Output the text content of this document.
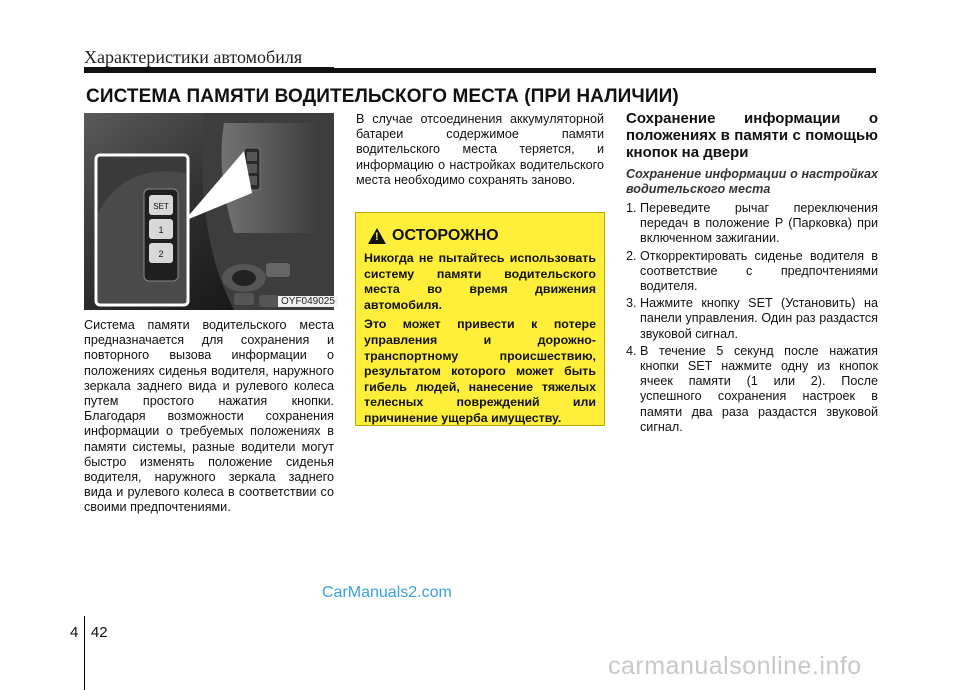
Характеристики автомобиля
СИСТЕМА ПАМЯТИ ВОДИТЕЛЬСКОГО МЕСТА (ПРИ НАЛИЧИИ)
SET
1
2
OYF049025
Система памяти водительского места предназначается для сохранения и повторного вызова информации о положениях сиденья водителя, наружного зеркала заднего вида и рулевого колеса путем простого нажатия кнопки. Благодаря возможности сохранения информации о требуемых положениях в памяти системы, разные водители могут быстро изменять положение сиденья водителя, наружного зеркала заднего вида и рулевого колеса в соответствии со своими предпочтениями.
В случае отсоединения аккумуляторной батареи содержимое памяти водительского места теряется, и информацию о настройках водительского места необходимо сохранять заново.
! ОСТОРОЖНО

Никогда не пытайтесь использовать систему памяти водительского места во время движения автомобиля.

Это может привести к потере управления и дорожно-транспортному происшествию, результатом которого может быть гибель людей, нанесение тяжелых телесных повреждений или причинение ущерба имуществу.

Сохранение информации о положениях в памяти с помощью кнопок на двери
Сохранение информации о настройках водительского места
1. Переведите рычаг переключения передач в положение P (Парковка) при включенном зажигании.
2. Откорректировать сиденье водителя в соответствие с предпочтениями водителя.
3. Нажмите кнопку SET (Установить) на панели управления. Один раз раздастся звуковой сигнал.
4. В течение 5 секунд после нажатия кнопки SET нажмите одну из кнопок ячеек памяти (1 или 2). После успешного сохранения настроек в памяти два раза раздастся звуковой сигнал.
CarManuals2.com
4 42
carmanualsonline.info
